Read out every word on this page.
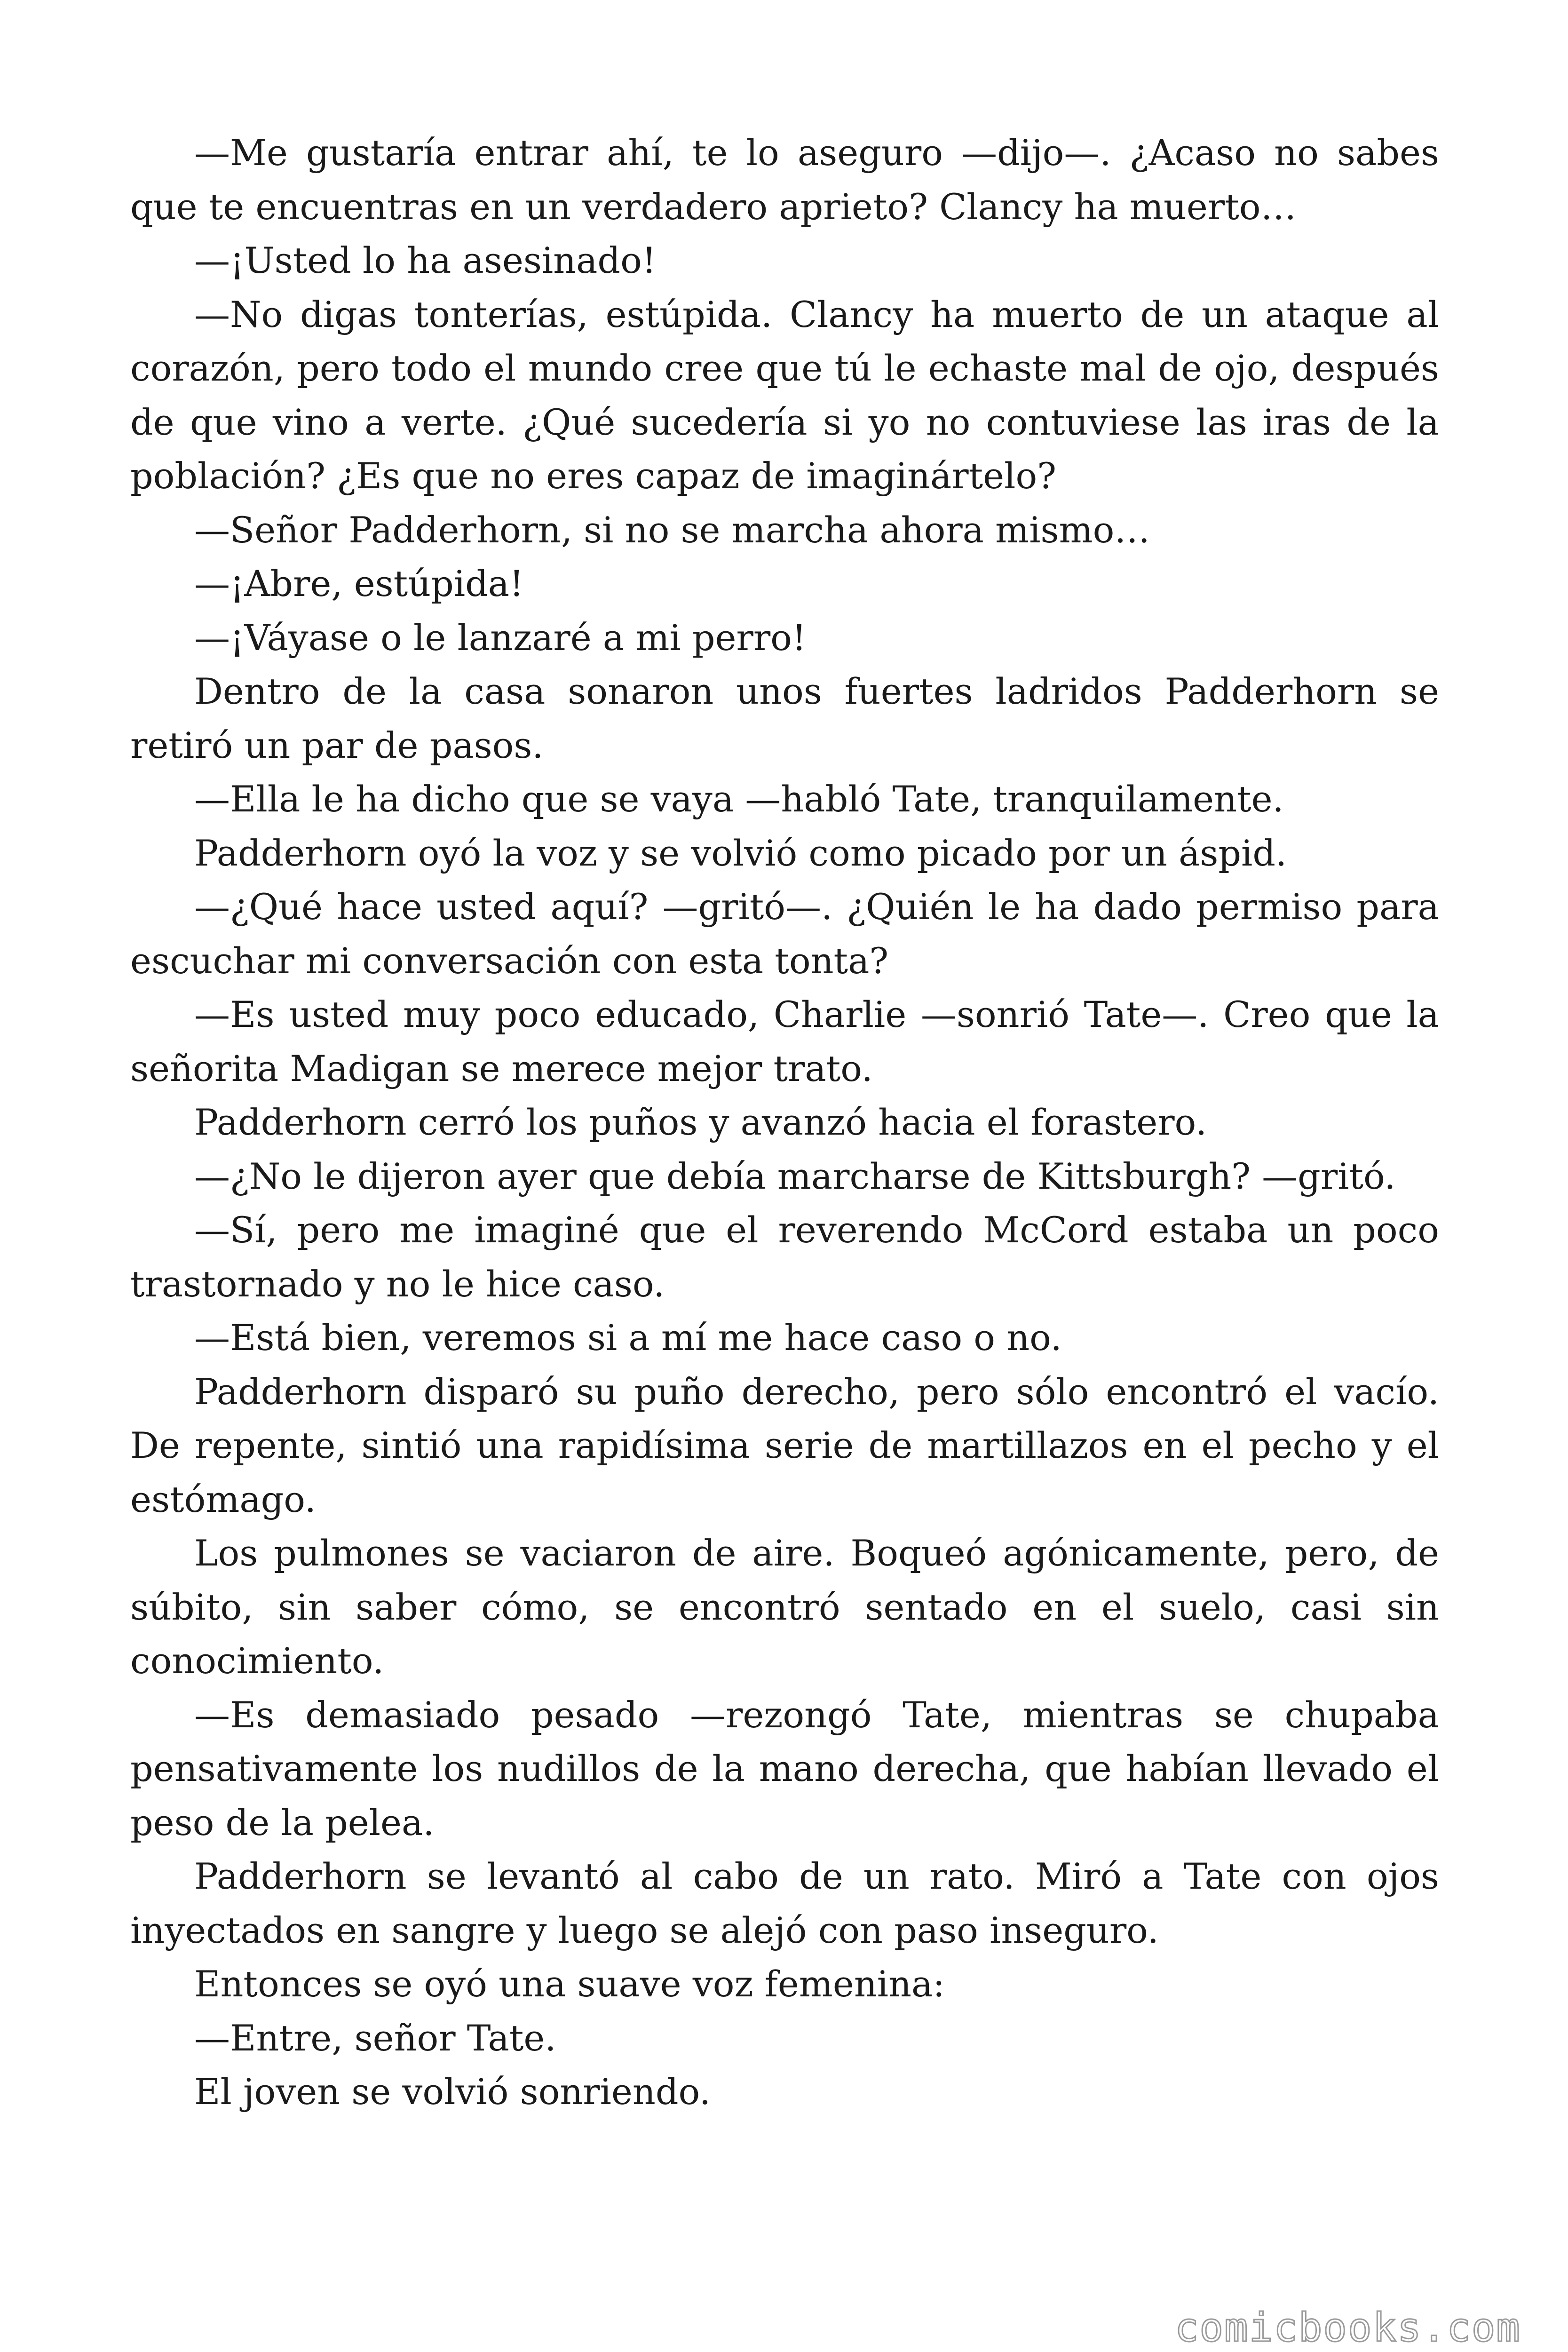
—Me gustaría entrar ahí, te lo aseguro —dijo—. ¿Acaso no sabes que te encuentras en un verdadero aprieto? Clancy ha muerto…

—¡Usted lo ha asesinado!

—No digas tonterías, estúpida. Clancy ha muerto de un ataque al corazón, pero todo el mundo cree que tú le echaste mal de ojo, después de que vino a verte. ¿Qué sucedería si yo no contuviese las iras de la población? ¿Es que no eres capaz de imaginártelo?

—Señor Padderhorn, si no se marcha ahora mismo…

—¡Abre, estúpida!

—¡Váyase o le lanzaré a mi perro!

Dentro de la casa sonaron unos fuertes ladridos Padderhorn se retiró un par de pasos.

—Ella le ha dicho que se vaya —habló Tate, tranquilamente.

Padderhorn oyó la voz y se volvió como picado por un áspid.

—¿Qué hace usted aquí? —gritó—. ¿Quién le ha dado permiso para escuchar mi conversación con esta tonta?

—Es usted muy poco educado, Charlie —sonrió Tate—. Creo que la señorita Madigan se merece mejor trato.

Padderhorn cerró los puños y avanzó hacia el forastero.

—¿No le dijeron ayer que debía marcharse de Kittsburgh? —gritó.

—Sí, pero me imaginé que el reverendo McCord estaba un poco trastornado y no le hice caso.

—Está bien, veremos si a mí me hace caso o no.

Padderhorn disparó su puño derecho, pero sólo encontró el vacío. De repente, sintió una rapidísima serie de martillazos en el pecho y el estómago.

Los pulmones se vaciaron de aire. Boqueó agónicamente, pero, de súbito, sin saber cómo, se encontró sentado en el suelo, casi sin conocimiento.

—Es demasiado pesado —rezongó Tate, mientras se chupaba pensativamente los nudillos de la mano derecha, que habían llevado el peso de la pelea.

Padderhorn se levantó al cabo de un rato. Miró a Tate con ojos inyectados en sangre y luego se alejó con paso inseguro.

Entonces se oyó una suave voz femenina:

—Entre, señor Tate.

El joven se volvió sonriendo.

comicbooks.com
